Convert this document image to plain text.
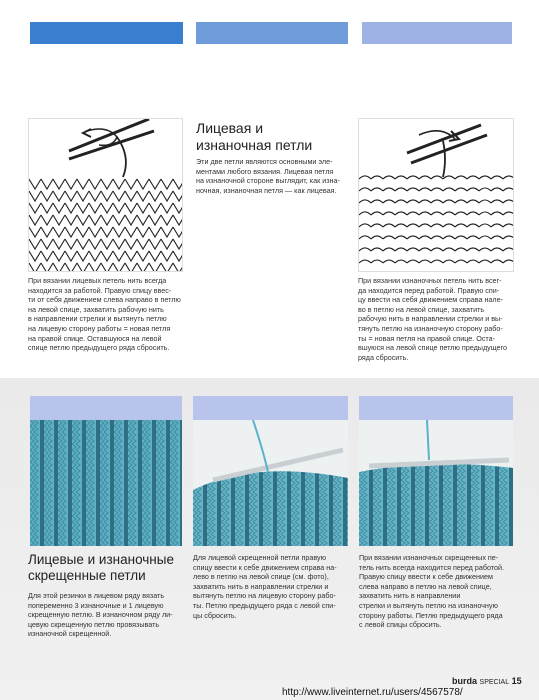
Лицевая и
изнаночная петли
Эти две петли являются основными эле-
ментами любого вязания. Лицевая петля
на изнаночной стороне выглядит, как изна-
ночная, изнаночная петля — как лицевая.
При вязании лицевых петель нить всегда
находится за работой. Правую спицу ввес-
ти от себя движением слева направо в петлю
на левой спице, захватить рабочую нить
в направлении стрелки и вытянуть петлю
на лицевую сторону работы = новая петля
на правой спице. Оставшуюся на левой
спице петлю предыдущего ряда сбросить.
При вязании изнаночных петель нить всег-
да находится перед работой. Правую спи-
цу ввести на себя движением справа нале-
во в петлю на левой спице, захватить
рабочую нить в направлении стрелки и вы-
тянуть петлю на изнаночную сторону рабо-
ты = новая петля на правой спице. Оста-
вшуюся на левой спице петлю предыдущего
ряда сбросить.
Лицевые и изнаночные скрещенные петли
Для этой резинки в лицевом ряду вязать
попеременно 3 изнаночные и 1 лицевую
скрещенную петлю. В изнаночном ряду ли-
цевую скрещенную петлю провязывать
изнаночной скрещенной.
Для лицевой скрещенной петли правую
спицу ввести к себе движением справа на-
лево в петлю на левой спице (см. фото),
захватить нить в направлении стрелки и
вытянуть петлю на лицевую сторону рабо-
ты. Петлю предыдущего ряда с левой спи-
цы сбросить.
При вязании изнаночных скрещенных пе-
тель нить всегда находится перед работой.
Правую спицу ввести к себе движением
слева направо в петлю на левой спице,
захватить нить в направлении
стрелки и вытянуть петлю на изнаночную
сторону работы. Петлю предыдущего ряда
с левой спицы сбросить.
burda SPECIAL 15
http://www.liveinternet.ru/users/4567578/
